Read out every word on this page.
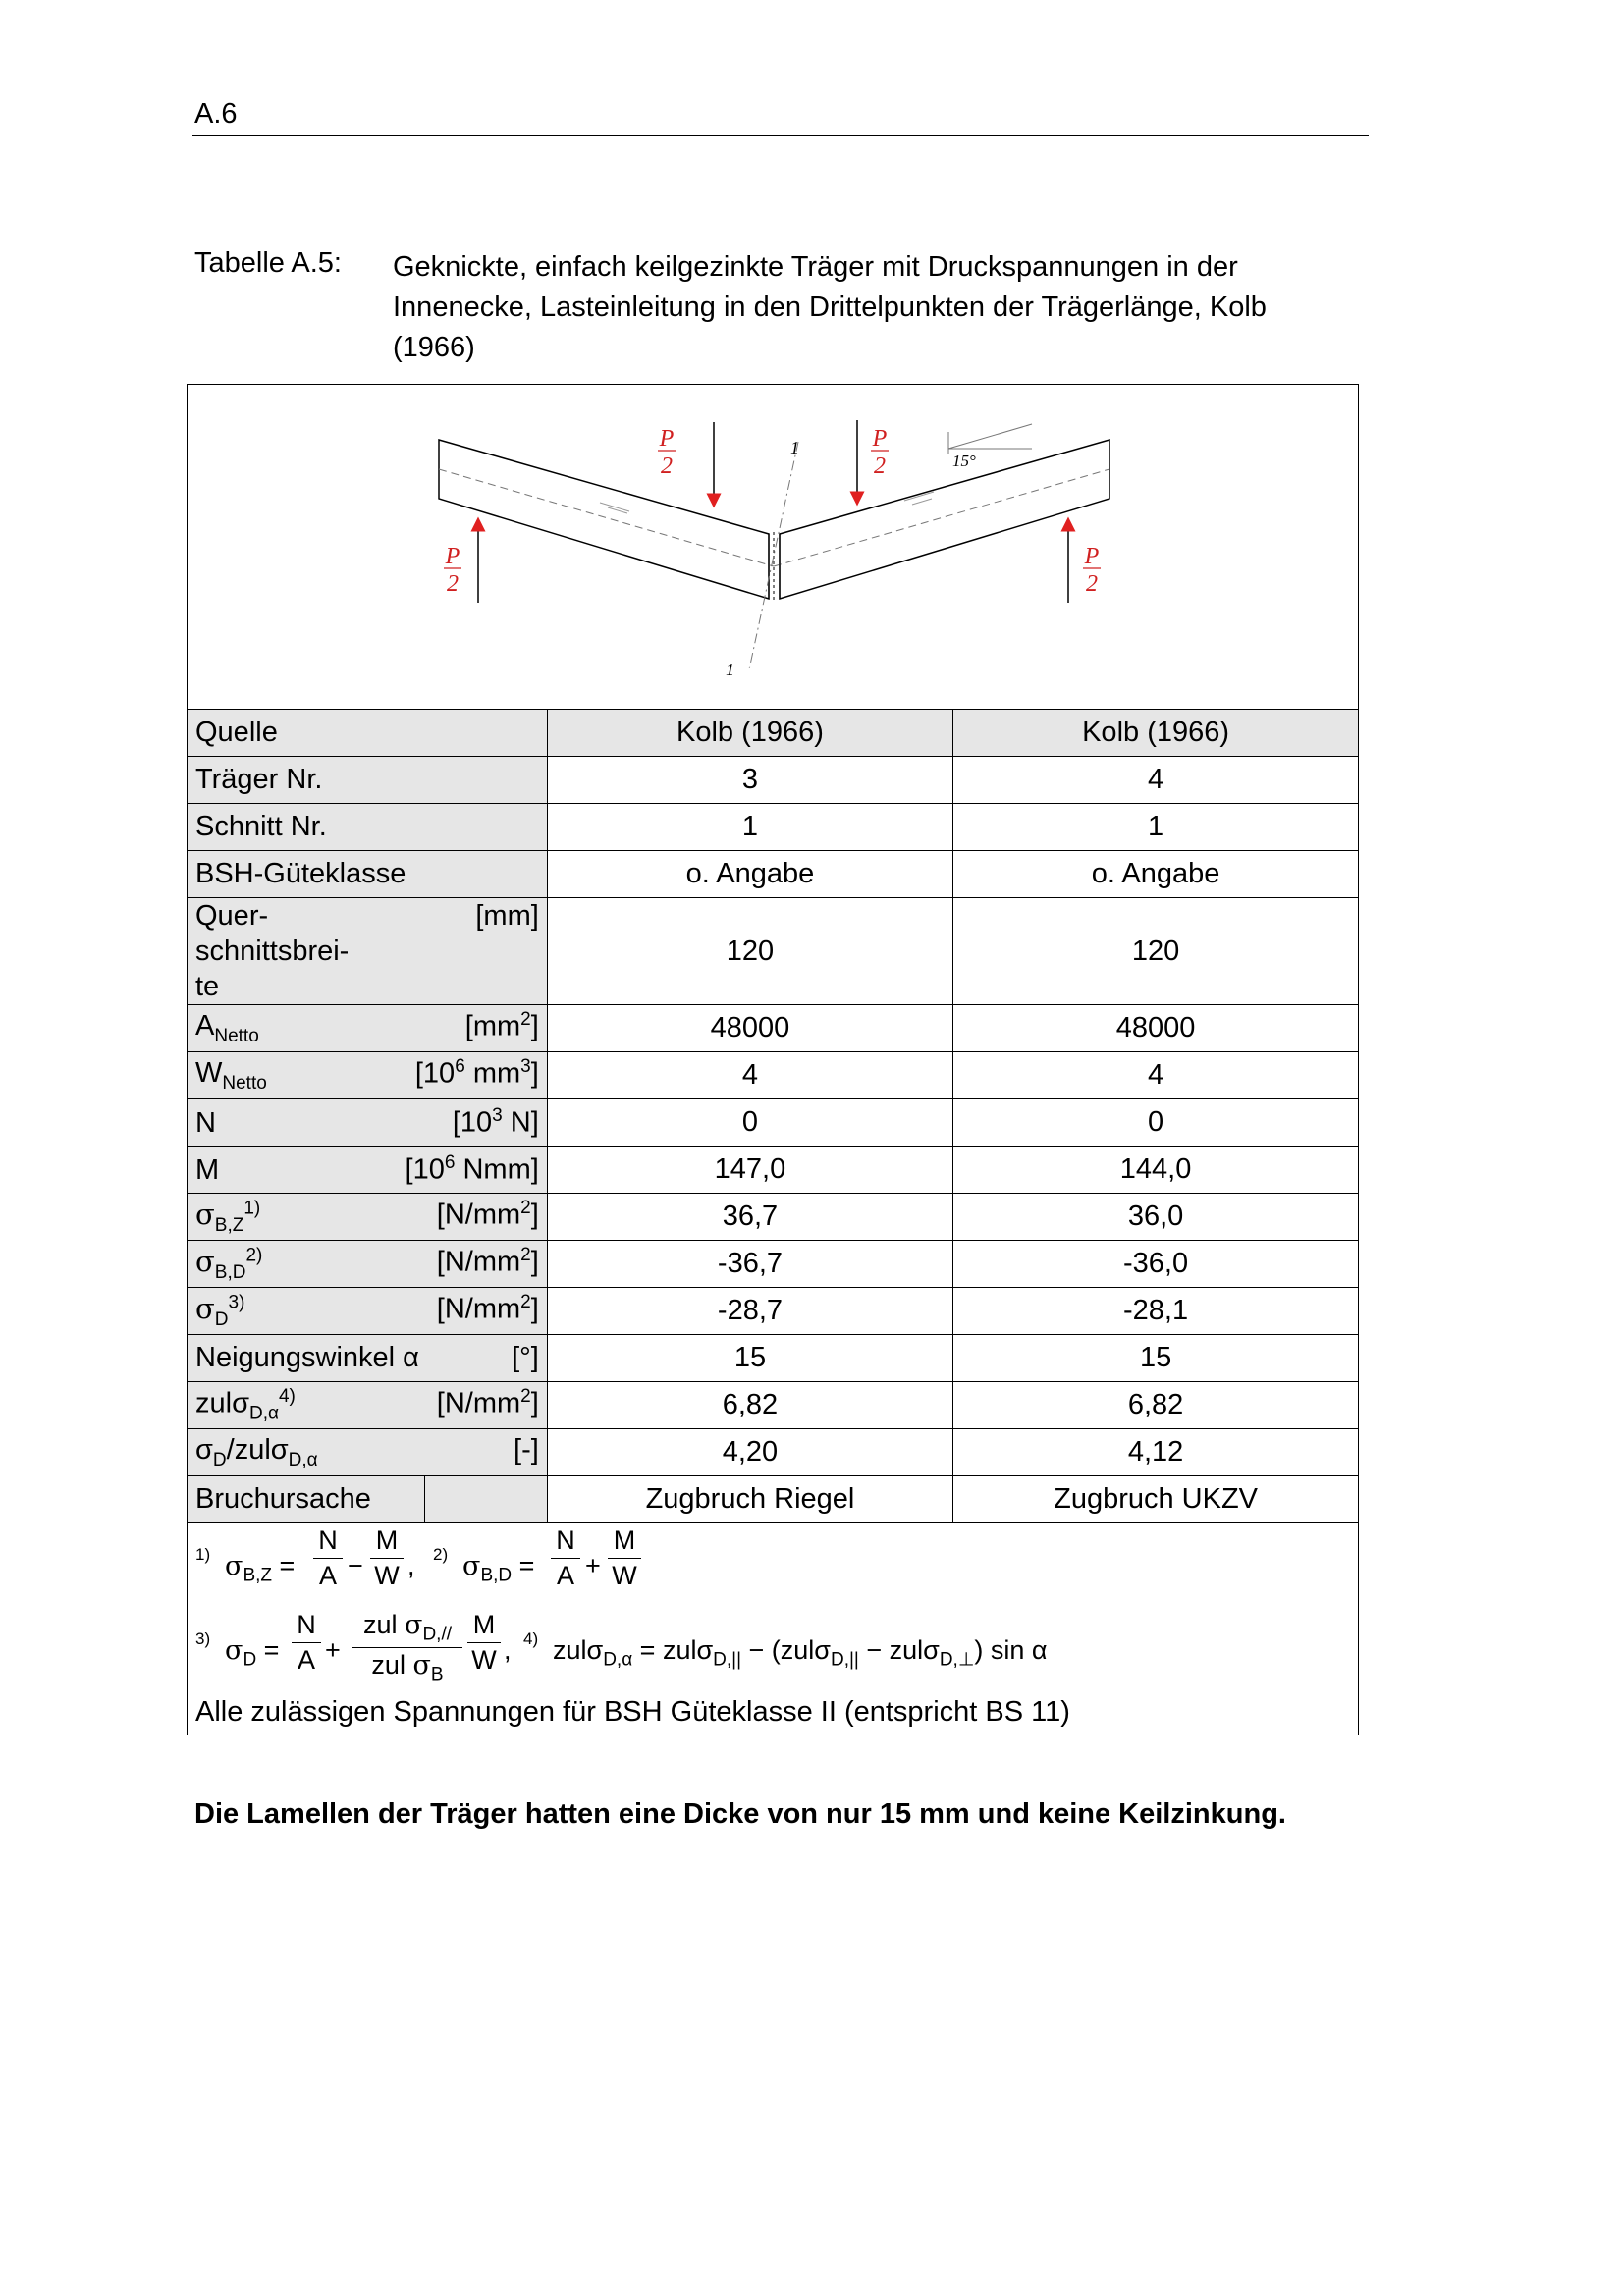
A.6
Tabelle A.5: Geknickte, einfach keilgezinkte Träger mit Druckspannungen in der Innenecke, Lasteinleitung in den Drittelpunkten der Trägerlänge, Kolb (1966)
1
1
15°
P
2
P
2
P
2
P
2
Quelle	Kolb (1966)	Kolb (1966)
Träger Nr.	3	4
Schnitt Nr.	1	1
BSH-Güteklasse	o. Angabe	o. Angabe

Quer-
schnittsbrei-
te
[mm]	120	120

$A_{Netto}$ $[mm^2]$	48000	48000

$W_{Netto}$ [$10^6$ $mm^3$]	4	4

N [$10^3$ N]	0	0

M [$10^6$ Nmm]	147,0	144,0

$\sigma_{B,Z}^{1)}$ $[N/mm^2]$	36,7	36,0

$\sigma_{B,D}^{2)}$ $[N/mm^2]$	-36,7	-36,0

$\sigma_D^{3)}$ $[N/mm^2]$	-28,7	-28,1

Neigungswinkel α [°]	15	15

zulσ$_{D,\alpha}^{4)}$ $[N/mm^2]$	6,82	6,82

$\sigma_D/zul\sigma_{D,\alpha}$ [-]	4,20	4,12
Bruchursache	Zugbruch Riegel	Zugbruch UKZV
1) $\sigma_{B,Z}$ =
N
A −
M
W , 2) $\sigma_{B,D}$ =
N
A +
M
W
3) $\sigma_D$ =
N
A +
zul $\sigma_{D,//}$
zul $\sigma_B$
M
W , 4) zulσ$_{D,\alpha}$ = zulσ$_{D,||}$ − (zulσ$_{D,||}$ − zulσ$_{D,\perp}$) sin α
Alle zulässigen Spannungen für BSH Güteklasse II (entspricht BS 11)
Die Lamellen der Träger hatten eine Dicke von nur 15 mm und keine Keilzinkung.
